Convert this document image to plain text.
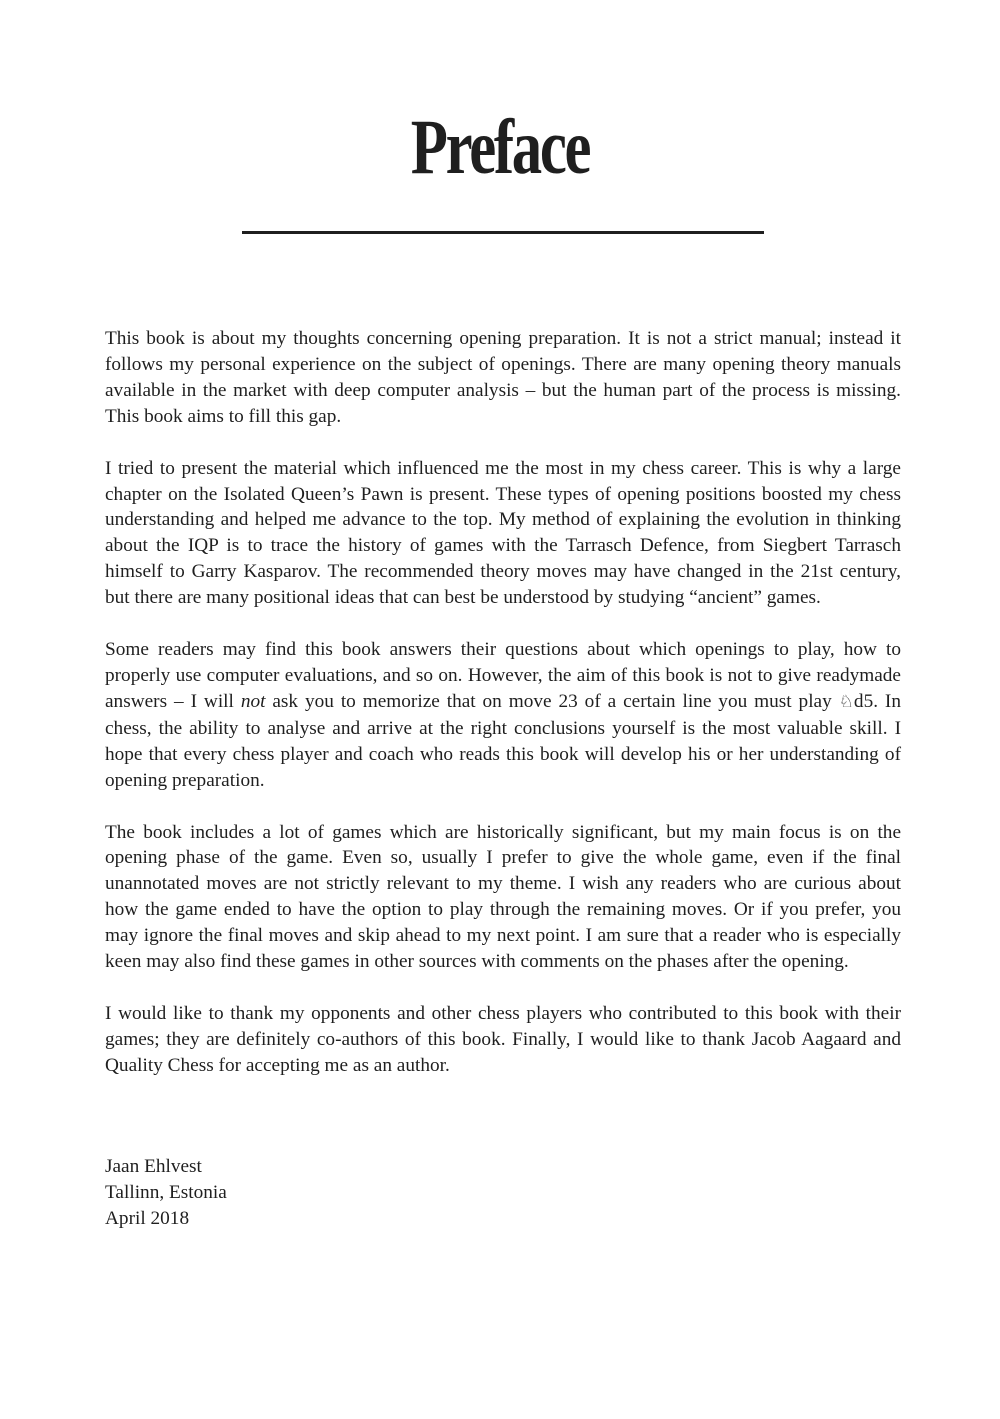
Preface

This book is about my thoughts concerning opening preparation. It is not a strict manual; instead it follows my personal experience on the subject of openings. There are many opening theory manuals available in the market with deep computer analysis – but the human part of the process is missing. This book aims to fill this gap.

I tried to present the material which influenced me the most in my chess career. This is why a large chapter on the Isolated Queen’s Pawn is present. These types of opening positions boosted my chess understanding and helped me advance to the top. My method of explaining the evolution in thinking about the IQP is to trace the history of games with the Tarrasch Defence, from Siegbert Tarrasch himself to Garry Kasparov. The recommended theory moves may have changed in the 21st century, but there are many positional ideas that can best be understood by studying “ancient” games.

Some readers may find this book answers their questions about which openings to play, how to properly use computer evaluations, and so on. However, the aim of this book is not to give readymade answers – I will not ask you to memorize that on move 23 of a certain line you must play ♘d5. In chess, the ability to analyse and arrive at the right conclusions yourself is the most valuable skill. I hope that every chess player and coach who reads this book will develop his or her understanding of opening preparation.

The book includes a lot of games which are historically significant, but my main focus is on the opening phase of the game. Even so, usually I prefer to give the whole game, even if the final unannotated moves are not strictly relevant to my theme. I wish any readers who are curious about how the game ended to have the option to play through the remaining moves. Or if you prefer, you may ignore the final moves and skip ahead to my next point. I am sure that a reader who is especially keen may also find these games in other sources with comments on the phases after the opening.

I would like to thank my opponents and other chess players who contributed to this book with their games; they are definitely co-authors of this book. Finally, I would like to thank Jacob Aagaard and Quality Chess for accepting me as an author.

Jaan Ehlvest
Tallinn, Estonia
April 2018
